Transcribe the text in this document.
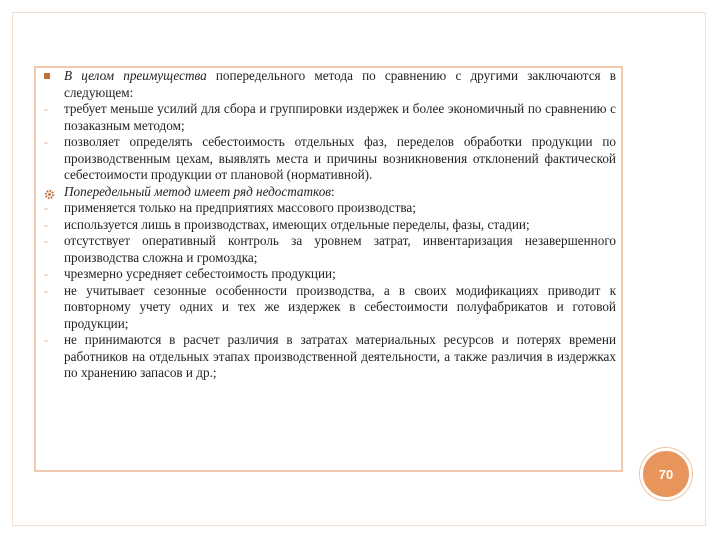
В целом преимущества попередельного метода по сравнению с другими заключаются в следующем:
-	требует меньше усилий для сбора и группировки издержек и более экономичный по сравнению с позаказным методом;
-	позволяет определять себестоимость отдельных фаз, переделов обработки продукции по производственным цехам, выявлять места и причины возникновения отклонений фактической себестоимости продукции от плановой (нормативной).
Попередельный метод имеет ряд недостатков:
-	применяется только на предприятиях массового производства;
-	используется лишь в производствах, имеющих отдельные переделы, фазы, стадии;
-	отсутствует оперативный контроль за уровнем затрат, инвентаризация незавершенного производства сложна и громоздка;
-	чрезмерно усредняет себестоимость продукции;
-	не учитывает сезонные особенности производства, а в своих модификациях приводит к повторному учету одних и тех же издержек в себестоимости полуфабрикатов и готовой продукции;
-	не принимаются в расчет различия в затратах материальных ресурсов и потерях времени работников на отдельных этапах производственной деятельности, а также различия в издержках по хранению запасов и др.;
70
